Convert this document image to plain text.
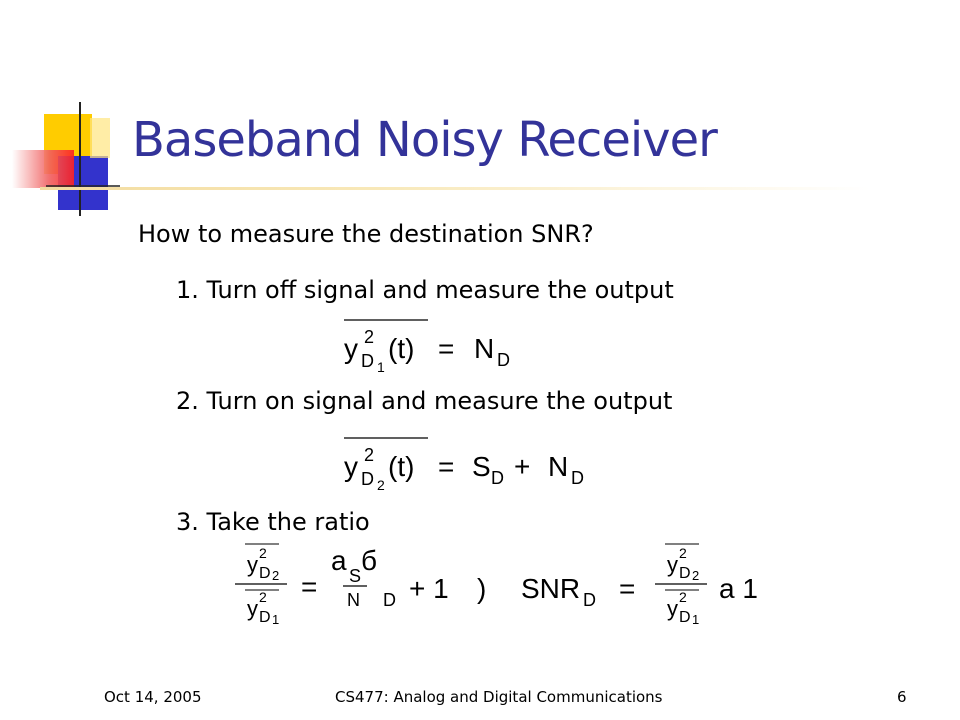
Baseband Noisy Receiver
How to measure the destination SNR?
1. Turn off signal and measure the output
2. Turn on signal and measure the output
3. Take the ratio
y 2
D 1
(t) = N D
y 2
D 2
(t) = S D + N D
y 2
D 2
y 2
D 1
=
a б
S
N D + 1 ) SNR D =
y 2
D 2
y 2
D 1
a 1
Oct 14, 2005	CS477: Analog and Digital Communications	6
